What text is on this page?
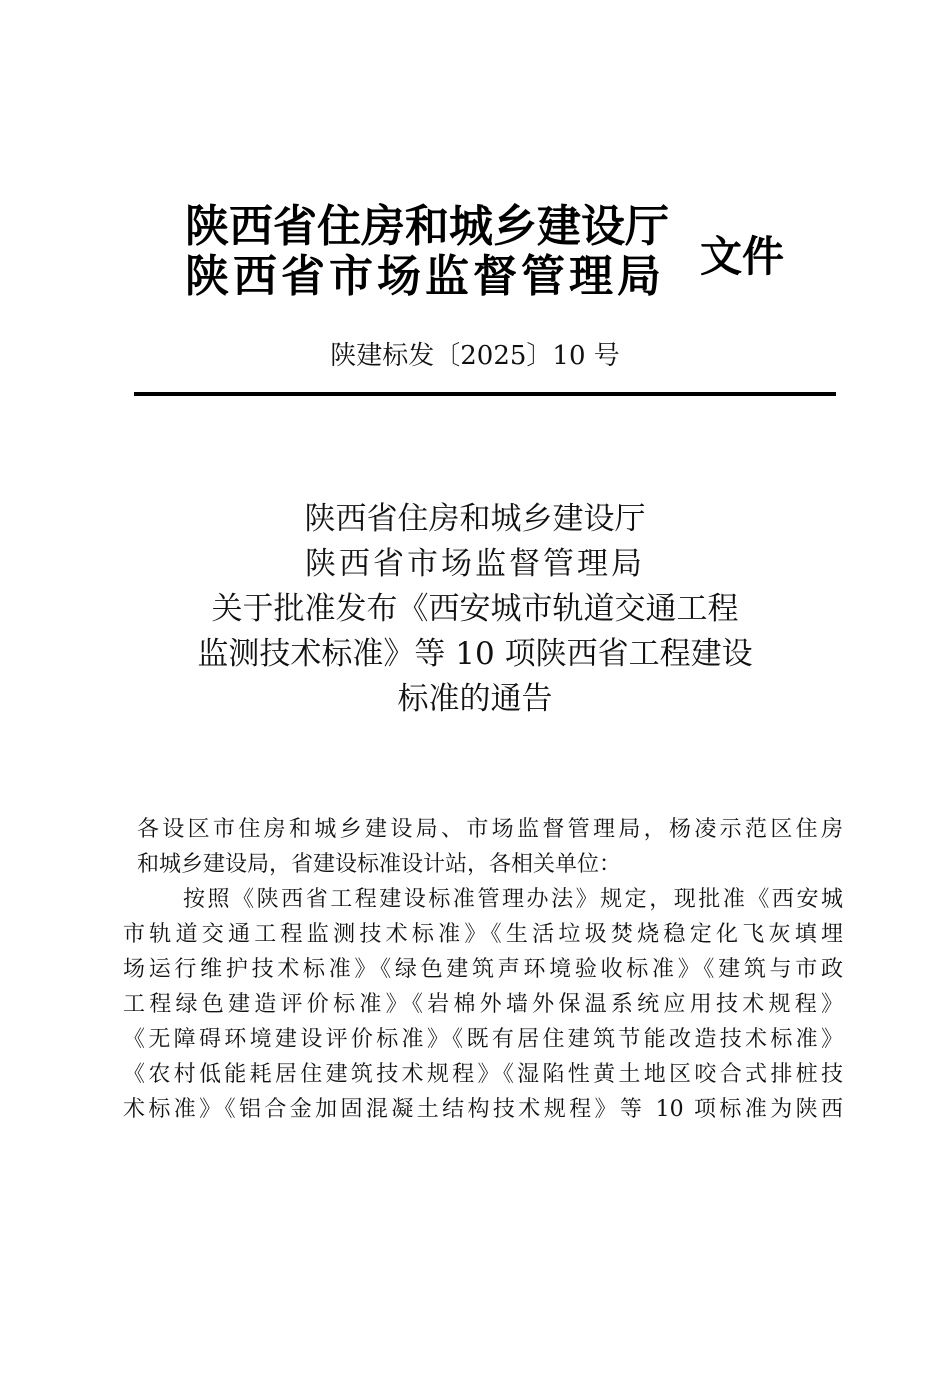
陕西省住房和城乡建设厅
陕西省市场监督管理局 文件
陕建标发〔2025〕10 号
陕西省住房和城乡建设厅
陕西省市场监督管理局
关于批准发布《西安城市轨道交通工程
监测技术标准》等 10 项陕西省工程建设
标准的通告
各设区市住房和城乡建设局、市场监督管理局，杨凌示范区住房
和城乡建设局，省建设标准设计站，各相关单位：
按照《陕西省工程建设标准管理办法》规定，现批准《西安城
市轨道交通工程监测技术标准》《生活垃圾焚烧稳定化飞灰填埋
场运行维护技术标准》《绿色建筑声环境验收标准》《建筑与市政
工程绿色建造评价标准》《岩棉外墙外保温系统应用技术规程》
《无障碍环境建设评价标准》《既有居住建筑节能改造技术标准》
《农村低能耗居住建筑技术规程》《湿陷性黄土地区咬合式排桩技
术标准》《铝合金加固混凝土结构技术规程》等 10 项标准为陕西
